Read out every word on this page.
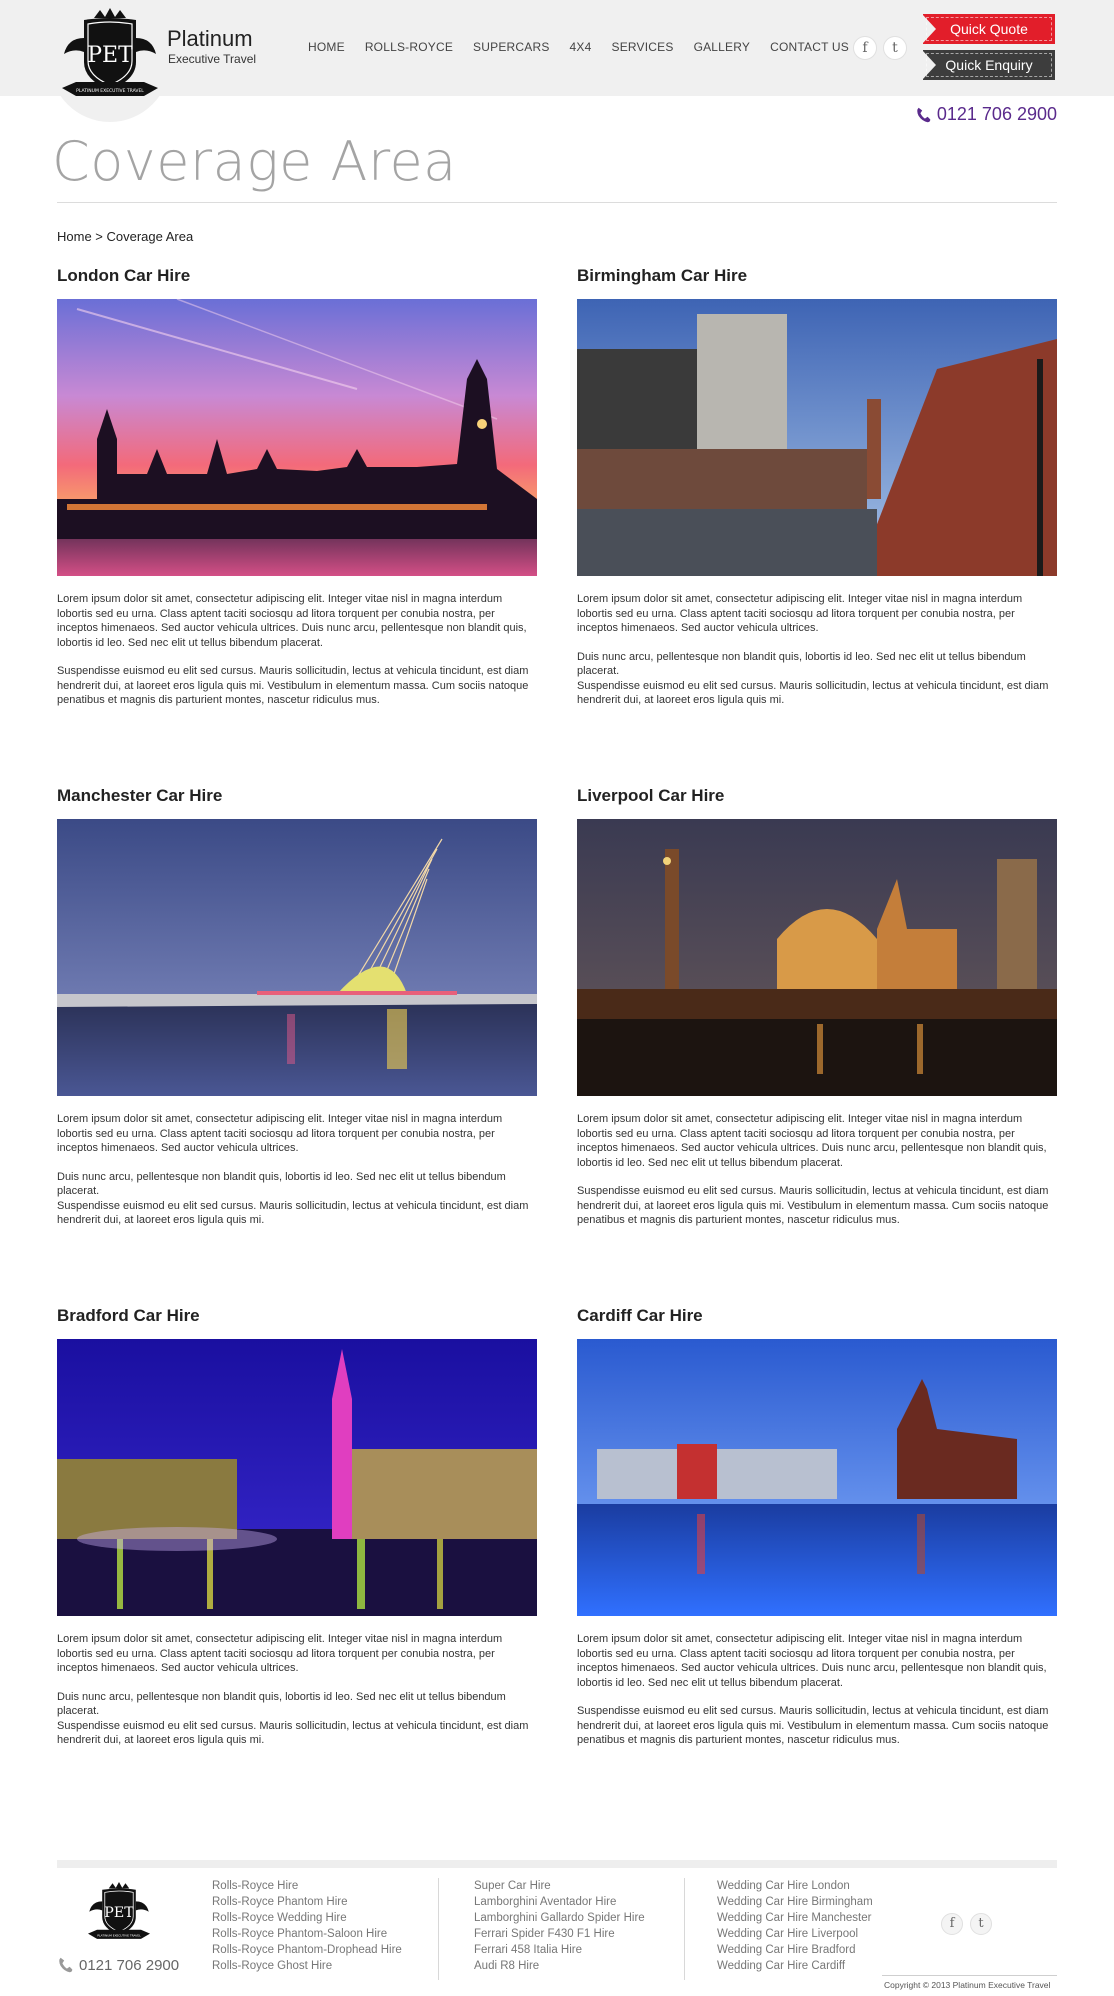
PET
PLATINUM EXECUTIVE TRAVEL
Platinum
Executive Travel
HOME ROLLS-ROYCE SUPERCARS 4X4 SERVICES GALLERY CONTACT US f	t
Quick Quote
Quick Enquiry
0121 706 2900
Coverage Area
Home > Coverage Area
London Car Hire

Lorem ipsum dolor sit amet, consectetur adipiscing elit. Integer vitae nisl in magna interdum lobortis sed eu urna. Class aptent taciti sociosqu ad litora torquent per conubia nostra, per inceptos himenaeos. Sed auctor vehicula ultrices. Duis nunc arcu, pellentesque non blandit quis, lobortis id leo. Sed nec elit ut tellus bibendum placerat.

Suspendisse euismod eu elit sed cursus. Mauris sollicitudin, lectus at vehicula tincidunt, est diam hendrerit dui, at laoreet eros ligula quis mi. Vestibulum in elementum massa. Cum sociis natoque penatibus et magnis dis parturient montes, nascetur ridiculus mus.

Birmingham Car Hire

Lorem ipsum dolor sit amet, consectetur adipiscing elit. Integer vitae nisl in magna interdum lobortis sed eu urna. Class aptent taciti sociosqu ad litora torquent per conubia nostra, per inceptos himenaeos. Sed auctor vehicula ultrices.

Duis nunc arcu, pellentesque non blandit quis, lobortis id leo. Sed nec elit ut tellus bibendum placerat.
Suspendisse euismod eu elit sed cursus. Mauris sollicitudin, lectus at vehicula tincidunt, est diam hendrerit dui, at laoreet eros ligula quis mi.

Manchester Car Hire

Lorem ipsum dolor sit amet, consectetur adipiscing elit. Integer vitae nisl in magna interdum lobortis sed eu urna. Class aptent taciti sociosqu ad litora torquent per conubia nostra, per inceptos himenaeos. Sed auctor vehicula ultrices.

Duis nunc arcu, pellentesque non blandit quis, lobortis id leo. Sed nec elit ut tellus bibendum placerat.
Suspendisse euismod eu elit sed cursus. Mauris sollicitudin, lectus at vehicula tincidunt, est diam hendrerit dui, at laoreet eros ligula quis mi.

Liverpool Car Hire

Lorem ipsum dolor sit amet, consectetur adipiscing elit. Integer vitae nisl in magna interdum lobortis sed eu urna. Class aptent taciti sociosqu ad litora torquent per conubia nostra, per inceptos himenaeos. Sed auctor vehicula ultrices. Duis nunc arcu, pellentesque non blandit quis, lobortis id leo. Sed nec elit ut tellus bibendum placerat.

Suspendisse euismod eu elit sed cursus. Mauris sollicitudin, lectus at vehicula tincidunt, est diam hendrerit dui, at laoreet eros ligula quis mi. Vestibulum in elementum massa. Cum sociis natoque penatibus et magnis dis parturient montes, nascetur ridiculus mus.

Bradford Car Hire

Lorem ipsum dolor sit amet, consectetur adipiscing elit. Integer vitae nisl in magna interdum lobortis sed eu urna. Class aptent taciti sociosqu ad litora torquent per conubia nostra, per inceptos himenaeos. Sed auctor vehicula ultrices.

Duis nunc arcu, pellentesque non blandit quis, lobortis id leo. Sed nec elit ut tellus bibendum placerat.
Suspendisse euismod eu elit sed cursus. Mauris sollicitudin, lectus at vehicula tincidunt, est diam hendrerit dui, at laoreet eros ligula quis mi.

Cardiff Car Hire

Lorem ipsum dolor sit amet, consectetur adipiscing elit. Integer vitae nisl in magna interdum lobortis sed eu urna. Class aptent taciti sociosqu ad litora torquent per conubia nostra, per inceptos himenaeos. Sed auctor vehicula ultrices. Duis nunc arcu, pellentesque non blandit quis, lobortis id leo. Sed nec elit ut tellus bibendum placerat.

Suspendisse euismod eu elit sed cursus. Mauris sollicitudin, lectus at vehicula tincidunt, est diam hendrerit dui, at laoreet eros ligula quis mi. Vestibulum in elementum massa. Cum sociis natoque penatibus et magnis dis parturient montes, nascetur ridiculus mus.

PET
PLATINUM EXECUTIVE TRAVEL
0121 706 2900
Rolls-Royce Hire
Rolls-Royce Phantom Hire
Rolls-Royce Wedding Hire
Rolls-Royce Phantom-Saloon Hire
Rolls-Royce Phantom-Drophead Hire
Rolls-Royce Ghost Hire
Super Car Hire
Lamborghini Aventador Hire
Lamborghini Gallardo Spider Hire
Ferrari Spider F430 F1 Hire
Ferrari 458 Italia Hire
Audi R8 Hire
Wedding Car Hire London
Wedding Car Hire Birmingham
Wedding Car Hire Manchester
Wedding Car Hire Liverpool
Wedding Car Hire Bradford
Wedding Car Hire Cardiff
f	t
Copyright © 2013 Platinum Executive Travel
